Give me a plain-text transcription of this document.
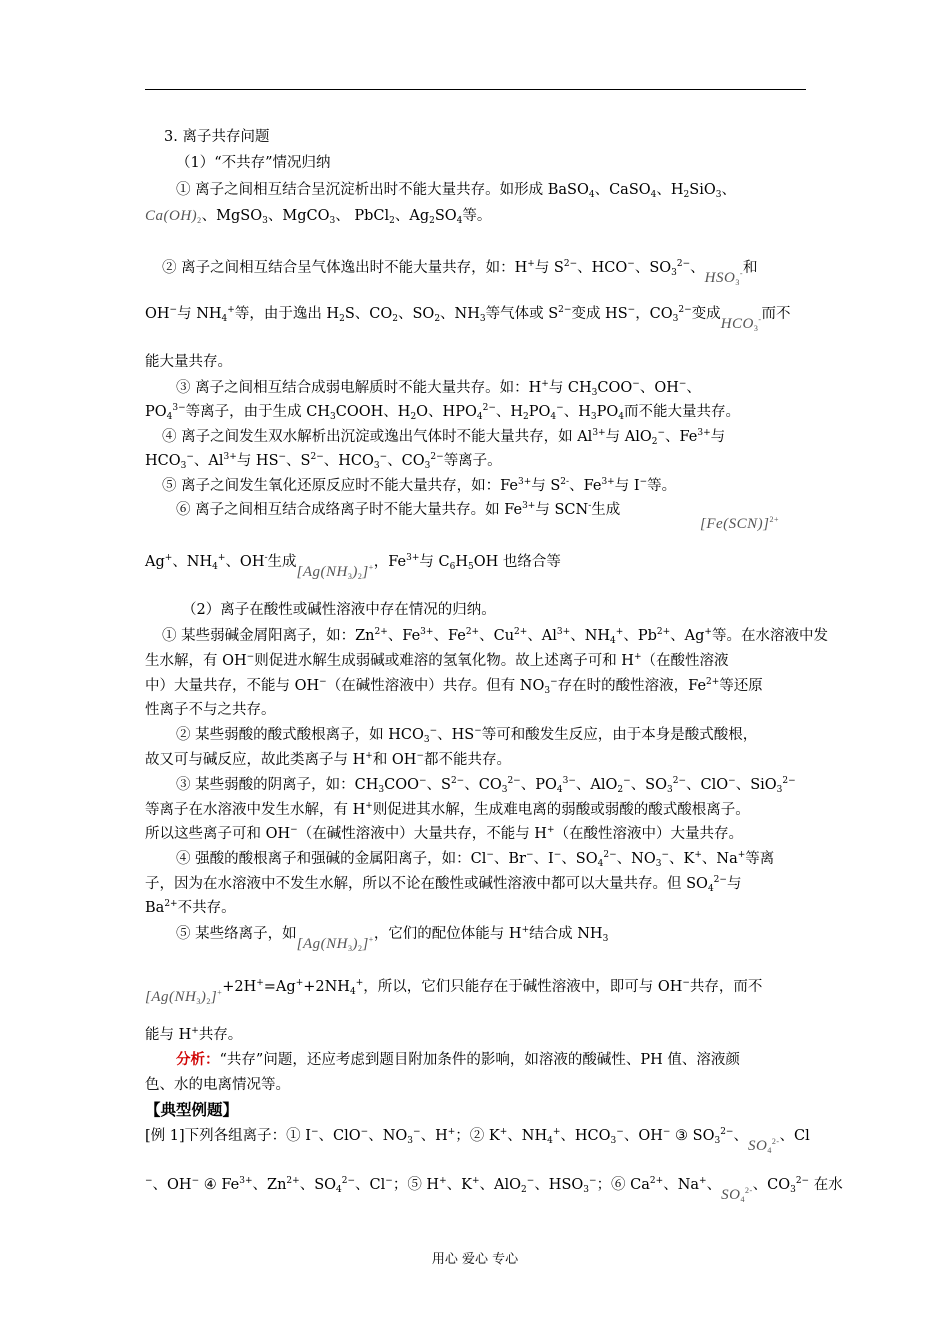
3. 离子共存问题
（1）“不共存”情况归纳
① 离子之间相互结合呈沉淀析出时不能大量共存。如形成 BaSO$_4$、CaSO$_4$、$H_2SiO_3$、
$Ca(OH)_2$、MgSO$_3$、MgCO$_3$、 PbCl$_2$、$Ag_2SO_4$等。
② 离子之间相互结合呈气体逸出时不能大量共存，如：H+与 $S^{2-}$、HCO−、$SO_3^{2-}$、$HSO_3^-$和
OH−与 $NH_4^+$等，由于逸出 $H_2S$、$CO_2$、$SO_2$、$NH_3$等气体或 $S^{2-}$变成 HS−，$CO_3^{2-}$变成$HCO_3^-$而不
能大量共存。
③ 离子之间相互结合成弱电解质时不能大量共存。如：H+与 $CH_3COO^-$、OH−、
$PO_4^{3-}$等离子，由于生成 $CH_3COOH$、$H_2O$、$HPO_4^{2-}$、$H_2PO_4^-$、$H_3PO_4$而不能大量共存。
④ 离子之间发生双水解析出沉淀或逸出气体时不能大量共存，如 $Al^{3+}$与 AlO$_2$−、$Fe^{3+}$与
$HCO_3^-$、$Al^{3+}$与 HS−、$S^{2-}$、$HCO_3^-$、$CO_3^{2-}$等离子。
⑤ 离子之间发生氧化还原反应时不能大量共存，如：$Fe^{3+}$与 $S^{2-}$、$Fe^{3+}$与 I−等。
⑥ 离子之间相互结合成络离子时不能大量共存。如 $Fe^{3+}$与 SCN-生成
$[Fe(SCN)]^{2+}$
Ag+、$NH_4^+$、OH-生成$[Ag(NH_3)_2]^+$，$Fe^{3+}$与 $C_6H_5OH$ 也络合等
（2）离子在酸性或碱性溶液中存在情况的归纳。
① 某些弱碱金屑阳离子，如：$Zn^{2+}$、$Fe^{3+}$、$Fe^{2+}$、$Cu^{2+}$、$Al^{3+}$、$NH_4^+$、$Pb^{2+}$、Ag+等。在水溶液中发
生水解，有 OH−则促进水解生成弱碱或难溶的氢氧化物。故上述离子可和 H+（在酸性溶液
中）大量共存，不能与 OH−（在碱性溶液中）共存。但有 $NO_3^-$存在时的酸性溶液，$Fe^{2+}$等还原
性离子不与之共存。
② 某些弱酸的酸式酸根离子，如 $HCO_3^-$、HS−等可和酸发生反应，由于本身是酸式酸根，
故又可与碱反应，故此类离子与 H+和 OH−都不能共存。
③ 某些弱酸的阴离子，如：$CH_3COO^-$、$S^{2-}$、$CO_3^{2-}$、$PO_4^{3-}$、AlO$_2$−、$SO_3^{2-}$、ClO−、SiO$_3^{2-}$
等离子在水溶液中发生水解，有 H+则促进其水解，生成难电离的弱酸或弱酸的酸式酸根离子。
所以这些离子可和 OH−（在碱性溶液中）大量共存，不能与 H+（在酸性溶液中）大量共存。
④ 强酸的酸根离子和强碱的金属阳离子，如：Cl−、Br−、I−、$SO_4^{2-}$、$NO_3^-$、K+、Na+等离
子，因为在水溶液中不发生水解，所以不论在酸性或碱性溶液中都可以大量共存。但 $SO_4^{2-}$与
$Ba^{2+}$不共存。
⑤ 某些络离子，如$[Ag(NH_3)_2]^+$，它们的配位体能与 H+结合成 $NH_3$
$[Ag(NH_3)_2]^++2H^+=Ag^++2NH_4^+$，所以，它们只能存在于碱性溶液中，即可与 OH−共存，而不
能与 H+共存。
分析：“共存”问题，还应考虑到题目附加条件的影响，如溶液的酸碱性、PH 值、溶液颜
色、水的电离情况等。
【典型例题】
[例 1]下列各组离子：① I−、ClO−、$NO_3^-$、H+；② K+、$NH_4^+$、$HCO_3^-$、OH− ③ $SO_3^{2-}$、$SO_4^{2-}$、Cl
−、OH− ④ $Fe^{3+}$、$Zn^{2+}$、$SO_4^{2-}$、Cl−；⑤ H+、K+、AlO$_2$−、$HSO_3^-$；⑥ $Ca^{2+}$、Na+、$SO_4^{2-}$、$CO_3^{2-}$ 在水
用心 爱心 专心
